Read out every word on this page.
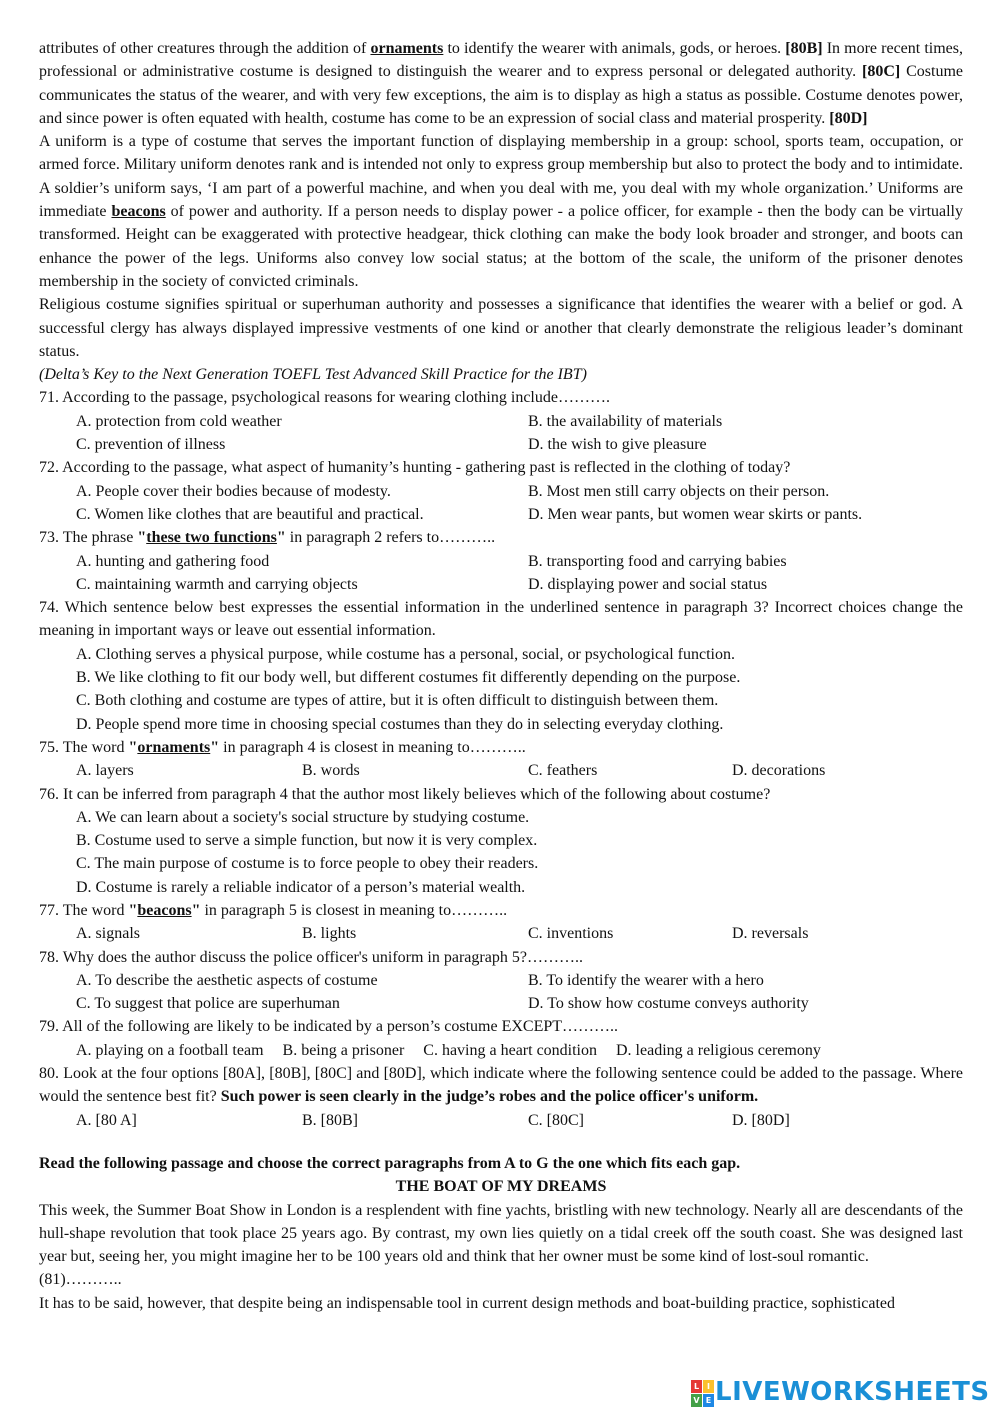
attributes of other creatures through the addition of ornaments to identify the wearer with animals, gods, or heroes. [80B] In more recent times, professional or administrative costume is designed to distinguish the wearer and to express personal or delegated authority. [80C] Costume communicates the status of the wearer, and with very few exceptions, the aim is to display as high a status as possible. Costume denotes power, and since power is often equated with health, costume has come to be an expression of social class and material prosperity. [80D]

A uniform is a type of costume that serves the important function of displaying membership in a group: school, sports team, occupation, or armed force. Military uniform denotes rank and is intended not only to express group membership but also to protect the body and to intimidate. A soldier’s uniform says, ‘I am part of a powerful machine, and when you deal with me, you deal with my whole organization.’ Uniforms are immediate beacons of power and authority. If a person needs to display power - a police officer, for example - then the body can be virtually transformed. Height can be exaggerated with protective headgear, thick clothing can make the body look broader and stronger, and boots can enhance the power of the legs. Uniforms also convey low social status; at the bottom of the scale, the uniform of the prisoner denotes membership in the society of convicted criminals.

Religious costume signifies spiritual or superhuman authority and possesses a significance that identifies the wearer with a belief or god. A successful clergy has always displayed impressive vestments of one kind or another that clearly demonstrate the religious leader’s dominant status.

(Delta’s Key to the Next Generation TOEFL Test Advanced Skill Practice for the IBT)

71. According to the passage, psychological reasons for wearing clothing include……….
A. protection from cold weather	B. the availability of materials
C. prevention of illness	D. the wish to give pleasure
72. According to the passage, what aspect of humanity’s hunting - gathering past is reflected in the clothing of today?
A. People cover their bodies because of modesty.	B. Most men still carry objects on their person.
C. Women like clothes that are beautiful and practical.	D. Men wear pants, but women wear skirts or pants.
73. The phrase "these two functions" in paragraph 2 refers to………..
A. hunting and gathering food	B. transporting food and carrying babies
C. maintaining warmth and carrying objects	D. displaying power and social status

74. Which sentence below best expresses the essential information in the underlined sentence in paragraph 3? Incorrect choices change the meaning in important ways or leave out essential information.

A. Clothing serves a physical purpose, while costume has a personal, social, or psychological function.
B. We like clothing to fit our body well, but different costumes fit differently depending on the purpose.
C. Both clothing and costume are types of attire, but it is often difficult to distinguish between them.
D. People spend more time in choosing special costumes than they do in selecting everyday clothing.
75. The word "ornaments" in paragraph 4 is closest in meaning to………..
A. layers	B. words	C. feathers	D. decorations
76. It can be inferred from paragraph 4 that the author most likely believes which of the following about costume?
A. We can learn about a society's social structure by studying costume.
B. Costume used to serve a simple function, but now it is very complex.
C. The main purpose of costume is to force people to obey their readers.
D. Costume is rarely a reliable indicator of a person’s material wealth.
77. The word "beacons" in paragraph 5 is closest in meaning to………..
A. signals	B. lights	C. inventions	D. reversals
78. Why does the author discuss the police officer's uniform in paragraph 5?………..
A. To describe the aesthetic aspects of costume	B. To identify the wearer with a hero
C. To suggest that police are superhuman	D. To show how costume conveys authority
79. All of the following are likely to be indicated by a person’s costume EXCEPT………..
A. playing on a football team B. being a prisoner C. having a heart condition D. leading a religious ceremony

80. Look at the four options [80A], [80B], [80C] and [80D], which indicate where the following sentence could be added to the passage. Where would the sentence best fit? Such power is seen clearly in the judge’s robes and the police officer's uniform.

A. [80 A]	B. [80B]	C. [80C]	D. [80D]
Read the following passage and choose the correct paragraphs from A to G the one which fits each gap.
THE BOAT OF MY DREAMS

This week, the Summer Boat Show in London is a resplendent with fine yachts, bristling with new technology. Nearly all are descendants of the hull-shape revolution that took place 25 years ago. By contrast, my own lies quietly on a tidal creek off the south coast. She was designed last year but, seeing her, you might imagine her to be 100 years old and think that her owner must be some kind of lost-soul romantic.

(81)………..

It has to be said, however, that despite being an indispensable tool in current design methods and boat-building practice, sophisticated

L I
V E LIVEWORKSHEETS
